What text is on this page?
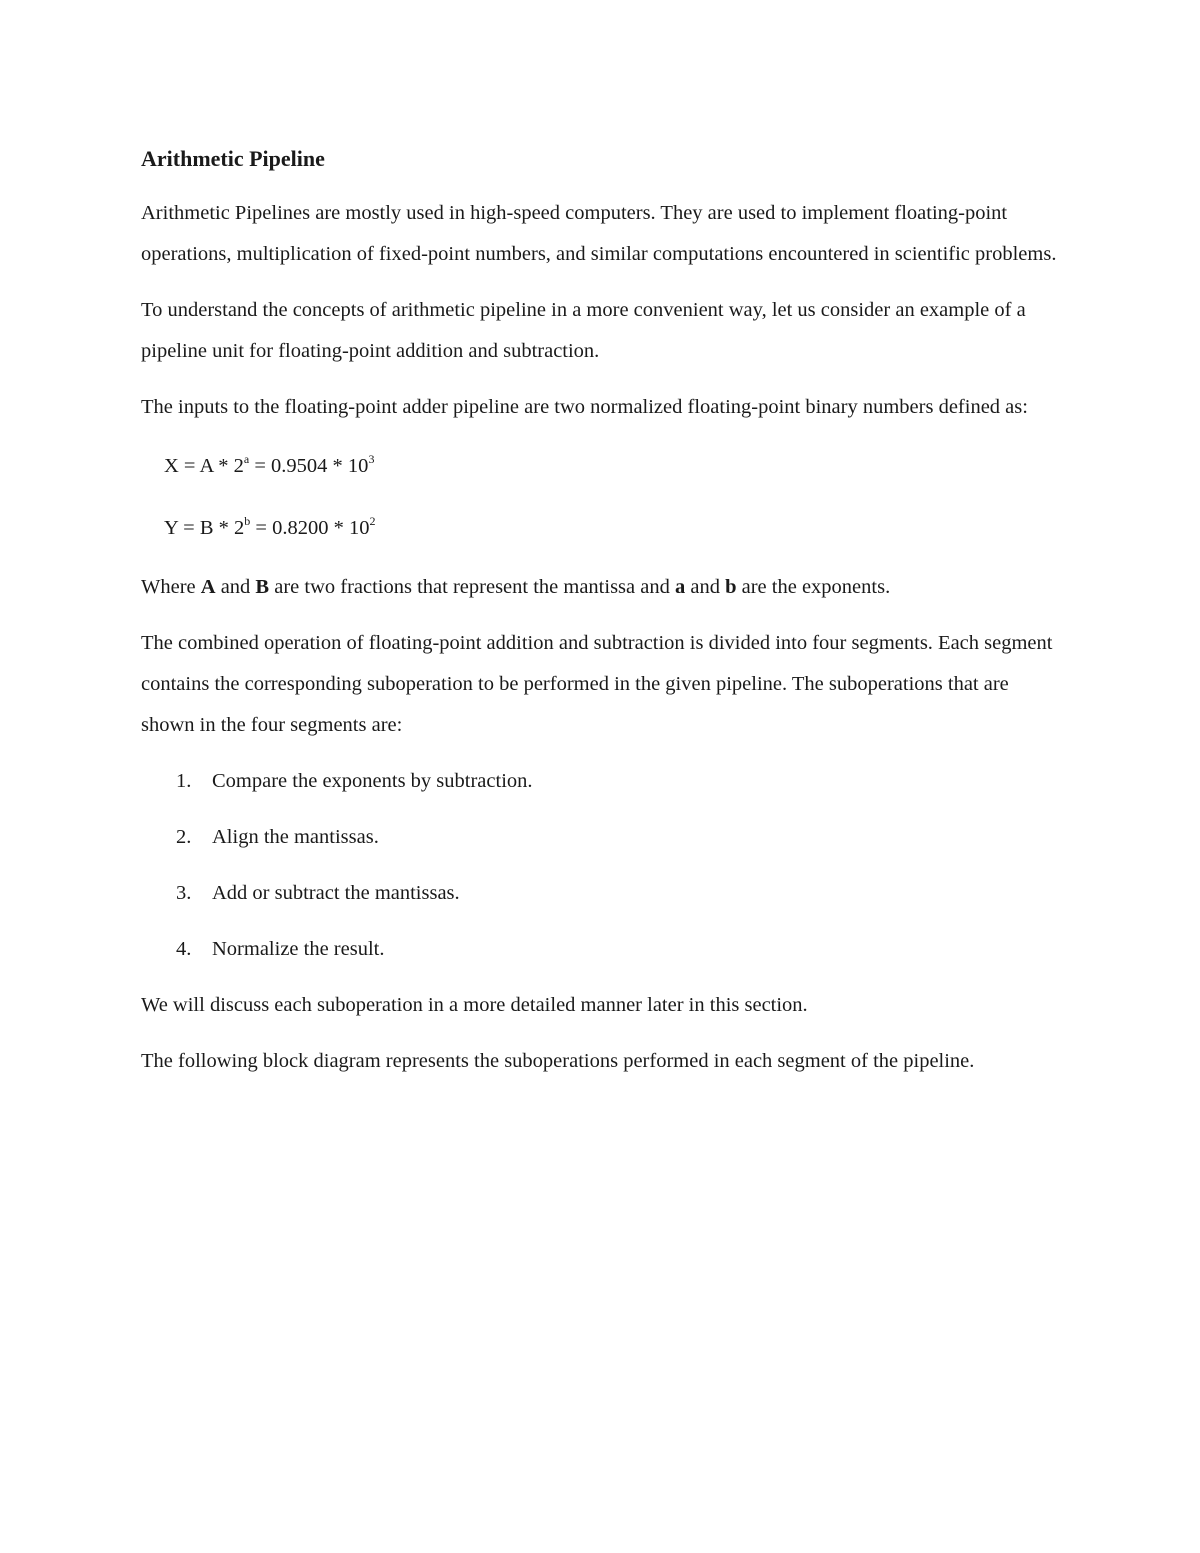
Arithmetic Pipeline

Arithmetic Pipelines are mostly used in high-speed computers. They are used to implement floating-point operations, multiplication of fixed-point numbers, and similar computations encountered in scientific problems.

To understand the concepts of arithmetic pipeline in a more convenient way, let us consider an example of a pipeline unit for floating-point addition and subtraction.

The inputs to the floating-point adder pipeline are two normalized floating-point binary numbers defined as:

$X = A * 2^a = 0.9504 * 10^3$
$Y = B * 2^b = 0.8200 * 10^2$

Where A and B are two fractions that represent the mantissa and a and b are the exponents.

The combined operation of floating-point addition and subtraction is divided into four segments. Each segment contains the corresponding suboperation to be performed in the given pipeline. The suboperations that are shown in the four segments are:

1. Compare the exponents by subtraction.
2. Align the mantissas.
3. Add or subtract the mantissas.
4. Normalize the result.

We will discuss each suboperation in a more detailed manner later in this section.

The following block diagram represents the suboperations performed in each segment of the pipeline.
